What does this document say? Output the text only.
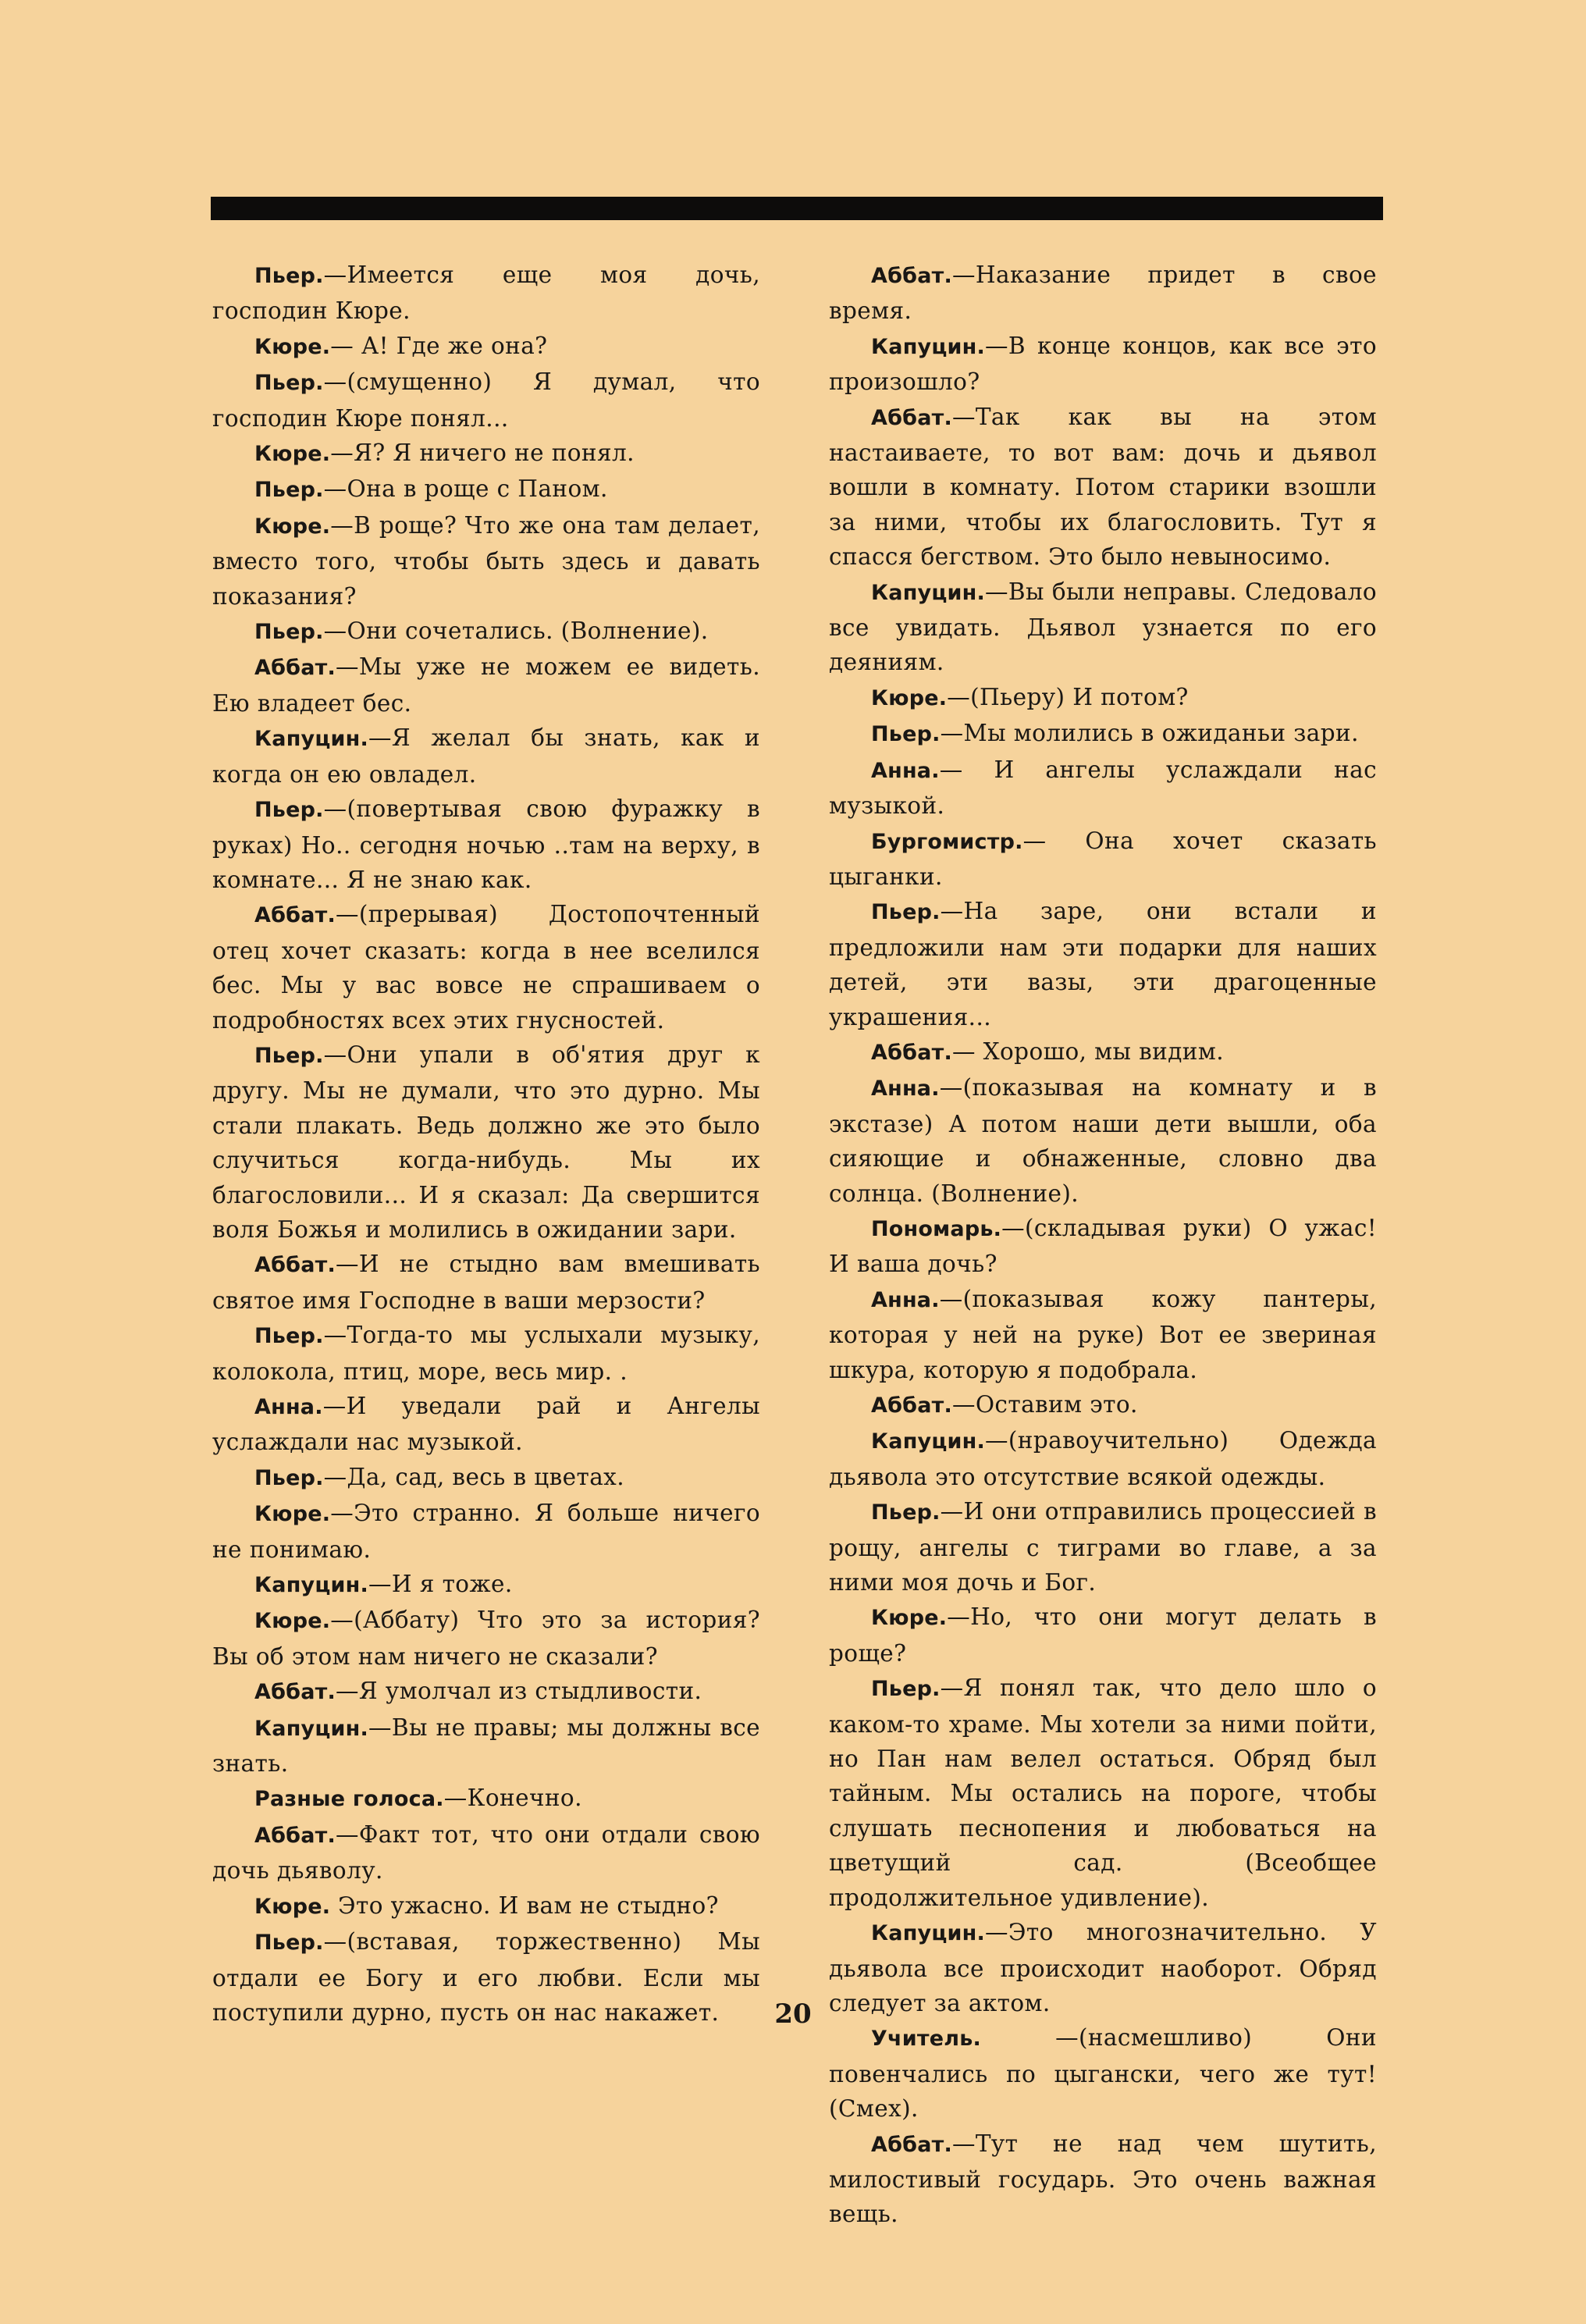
Пьер.—Имеется еще моя дочь, господин Кюре.

Кюре.— А! Где же она?

Пьер.—(смущенно) Я думал, что господин Кюре понял...

Кюре.—Я? Я ничего не понял.

Пьер.—Она в роще с Паном.

Кюре.—В роще? Что же она там делает, вместо того, чтобы быть здесь и давать показания?

Пьер.—Они сочетались. (Волнение).

Аббат.—Мы уже не можем ее видеть. Ею владеет бес.

Капуцин.—Я желал бы знать, как и когда он ею овладел.

Пьер.—(повертывая свою фуражку в руках) Но.. сегодня ночью ..там на верху, в комнате... Я не знаю как.

Аббат.—(прерывая) Достопочтенный отец хочет сказать: когда в нее вселился бес. Мы у вас вовсе не спрашиваем о подробностях всех этих гнусностей.

Пьер.—Они упали в об'ятия друг к другу. Мы не думали, что это дурно. Мы стали плакать. Ведь должно же это было случиться когда-нибудь. Мы их благословили... И я сказал: Да свершится воля Божья и молились в ожидании зари.

Аббат.—И не стыдно вам вмешивать святое имя Господне в ваши мерзости?

Пьер.—Тогда-то мы услыхали музыку, колокола, птиц, море, весь мир. .

Анна.—И уведали рай и Ангелы услаждали нас музыкой.

Пьер.—Да, сад, весь в цветах.

Кюре.—Это странно. Я больше ничего не понимаю.

Капуцин.—И я тоже.

Кюре.—(Аббату) Что это за история? Вы об этом нам ничего не сказали?

Аббат.—Я умолчал из стыдливости.

Капуцин.—Вы не правы; мы должны все знать.

Разные голоса.—Конечно.

Аббат.—Факт тот, что они отдали свою дочь дьяволу.

Кюре. Это ужасно. И вам не стыдно?

Пьер.—(вставая, торжественно) Мы отдали ее Богу и его любви. Если мы поступили дурно, пусть он нас накажет.

Аббат.—Наказание придет в свое время.

Капуцин.—В конце концов, как все это произошло?

Аббат.—Так как вы на этом настаиваете, то вот вам: дочь и дьявол вошли в комнату. Потом старики взошли за ними, чтобы их благословить. Тут я спасся бегством. Это было невыносимо.

Капуцин.—Вы были неправы. Следовало все увидать. Дьявол узнается по его деяниям.

Кюре.—(Пьеру) И потом?

Пьер.—Мы молились в ожиданьи зари.

Анна.— И ангелы услаждали нас музыкой.

Бургомистр.— Она хочет сказать цыганки.

Пьер.—На заре, они встали и предложили нам эти подарки для наших детей, эти вазы, эти драгоценные украшения...

Аббат.— Хорошо, мы видим.

Анна.—(показывая на комнату и в экстазе) А потом наши дети вышли, оба сияющие и обнаженные, словно два солнца. (Волнение).

Пономарь.—(складывая руки) О ужас! И ваша дочь?

Анна.—(показывая кожу пантеры, которая у ней на руке) Вот ее звериная шкура, которую я подобрала.

Аббат.—Оставим это.

Капуцин.—(нравоучительно) Одежда дьявола это отсутствие всякой одежды.

Пьер.—И они отправились процессией в рощу, ангелы с тиграми во главе, а за ними моя дочь и Бог.

Кюре.—Но, что они могут делать в роще?

Пьер.—Я понял так, что дело шло о каком-то храме. Мы хотели за ними пойти, но Пан нам велел остаться. Обряд был тайным. Мы остались на пороге, чтобы слушать песнопения и любоваться на цветущий сад. (Всеобщее продолжительное удивление).

Капуцин.—Это многозначительно. У дьявола все происходит наоборот. Обряд следует за актом.

Учитель. —(насмешливо) Они повенчались по цыгански, чего же тут! (Смех).

Аббат.—Тут не над чем шутить, милостивый государь. Это очень важная вещь.

20
